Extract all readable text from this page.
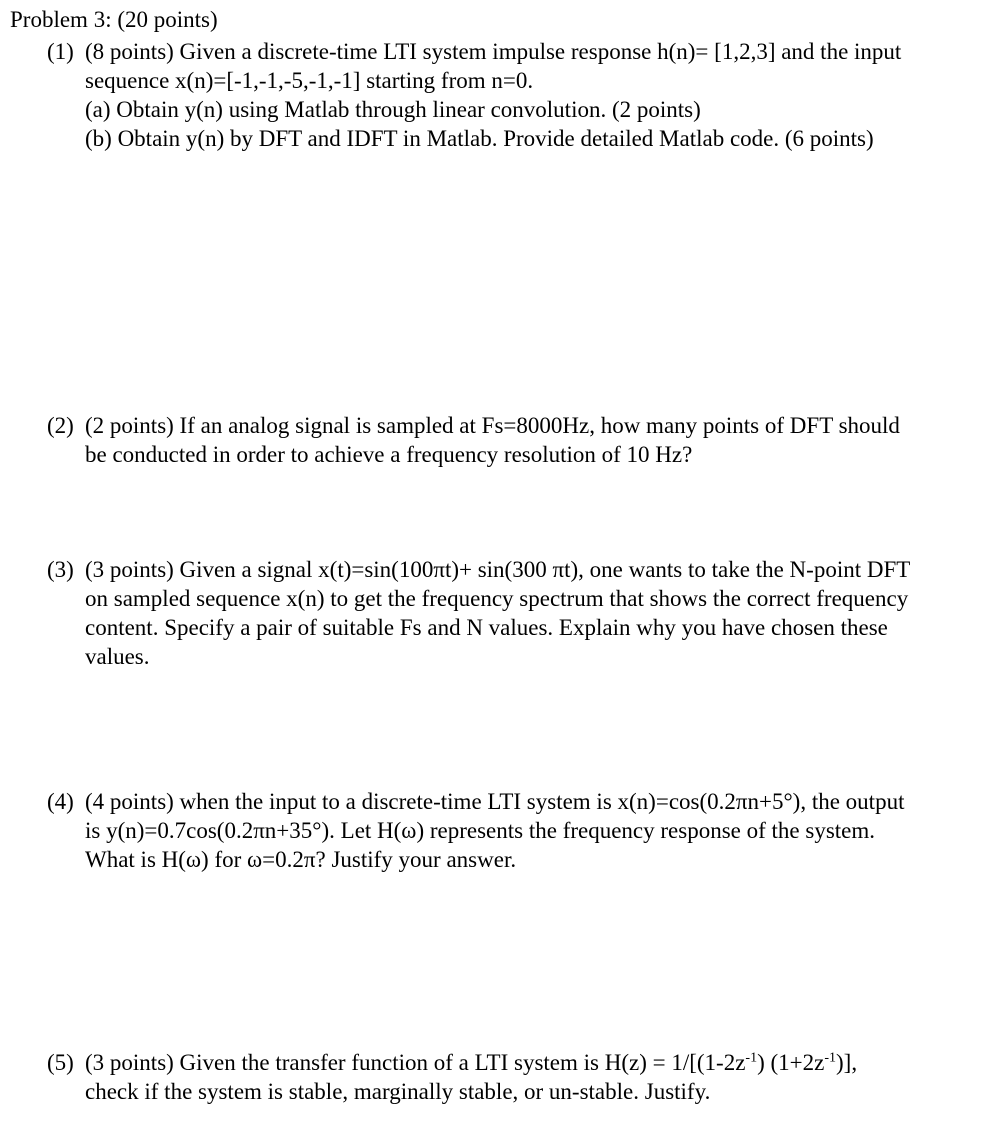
Problem 3: (20 points)
(1) (8 points) Given a discrete-time LTI system impulse response h(n)= [1,2,3] and the input
sequence x(n)=[-1,-1,-5,-1,-1] starting from n=0.
(a) Obtain y(n) using Matlab through linear convolution. (2 points)
(b) Obtain y(n) by DFT and IDFT in Matlab. Provide detailed Matlab code. (6 points)
(2) (2 points) If an analog signal is sampled at Fs=8000Hz, how many points of DFT should
be conducted in order to achieve a frequency resolution of 10 Hz?
(3) (3 points) Given a signal x(t)=sin(100πt)+ sin(300 πt), one wants to take the N-point DFT
on sampled sequence x(n) to get the frequency spectrum that shows the correct frequency
content. Specify a pair of suitable Fs and N values. Explain why you have chosen these
values.
(4) (4 points) when the input to a discrete-time LTI system is x(n)=cos(0.2πn+5°), the output
is y(n)=0.7cos(0.2πn+35°). Let H(ω) represents the frequency response of the system.
What is H(ω) for ω=0.2π? Justify your answer.
(5) (3 points) Given the transfer function of a LTI system is $H(z) = 1/[(1-2z^{-1})$ $(1+2z^{-1})$],
check if the system is stable, marginally stable, or un-stable. Justify.
